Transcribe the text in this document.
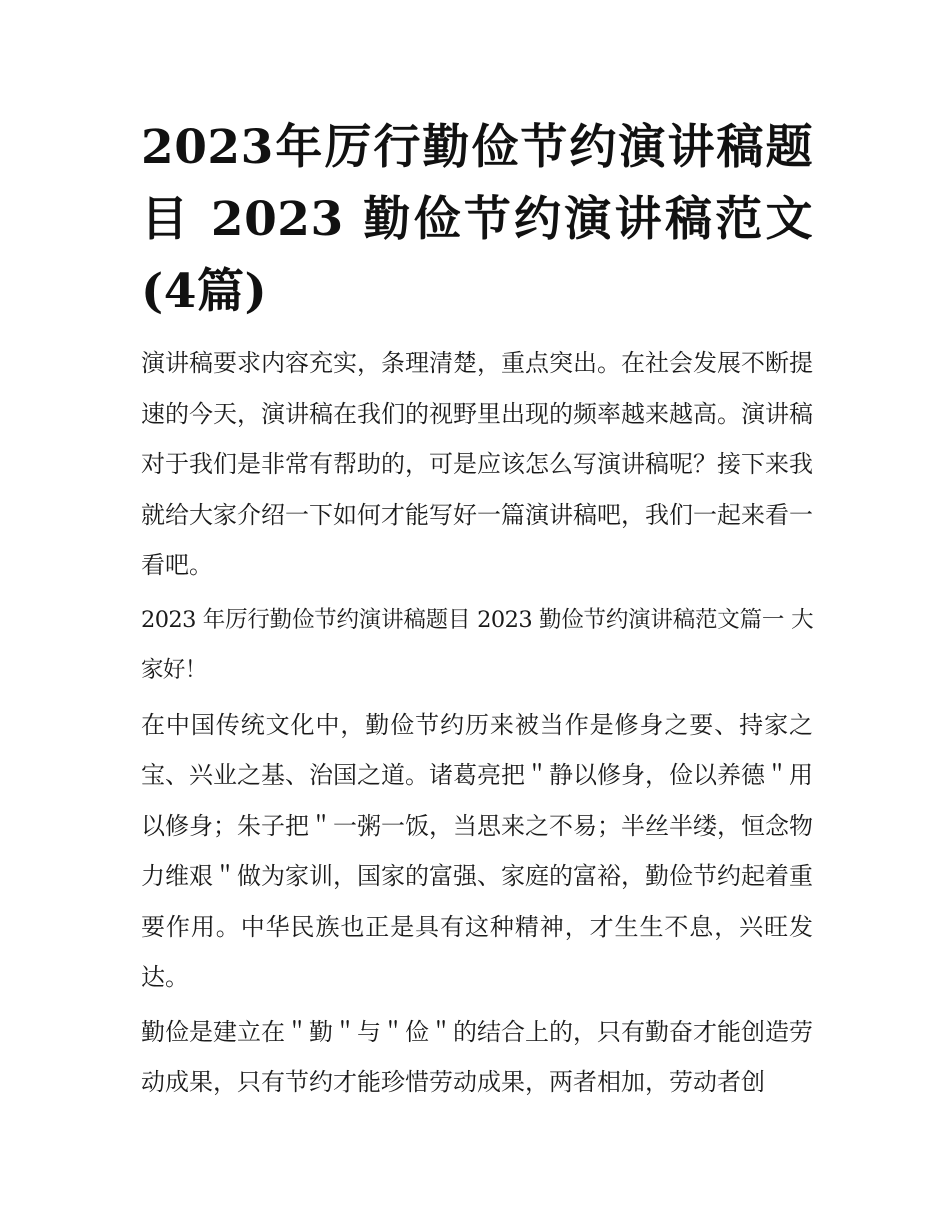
2023年厉行勤俭节约演讲稿题目 2023 勤俭节约演讲稿范文(4篇)

演讲稿要求内容充实，条理清楚，重点突出。在社会发展不断提速的今天，演讲稿在我们的视野里出现的频率越来越高。演讲稿对于我们是非常有帮助的，可是应该怎么写演讲稿呢？接下来我就给大家介绍一下如何才能写好一篇演讲稿吧，我们一起来看一看吧。

2023 年厉行勤俭节约演讲稿题目 2023 勤俭节约演讲稿范文篇一 大家好！

在中国传统文化中，勤俭节约历来被当作是修身之要、持家之宝、兴业之基、治国之道。诸葛亮把＂静以修身，俭以养德＂用以修身；朱子把＂一粥一饭，当思来之不易；半丝半缕，恒念物力维艰＂做为家训，国家的富强、家庭的富裕，勤俭节约起着重要作用。中华民族也正是具有这种精神，才生生不息，兴旺发达。

勤俭是建立在＂勤＂与＂俭＂的结合上的，只有勤奋才能创造劳动成果，只有节约才能珍惜劳动成果，两者相加，劳动者创
